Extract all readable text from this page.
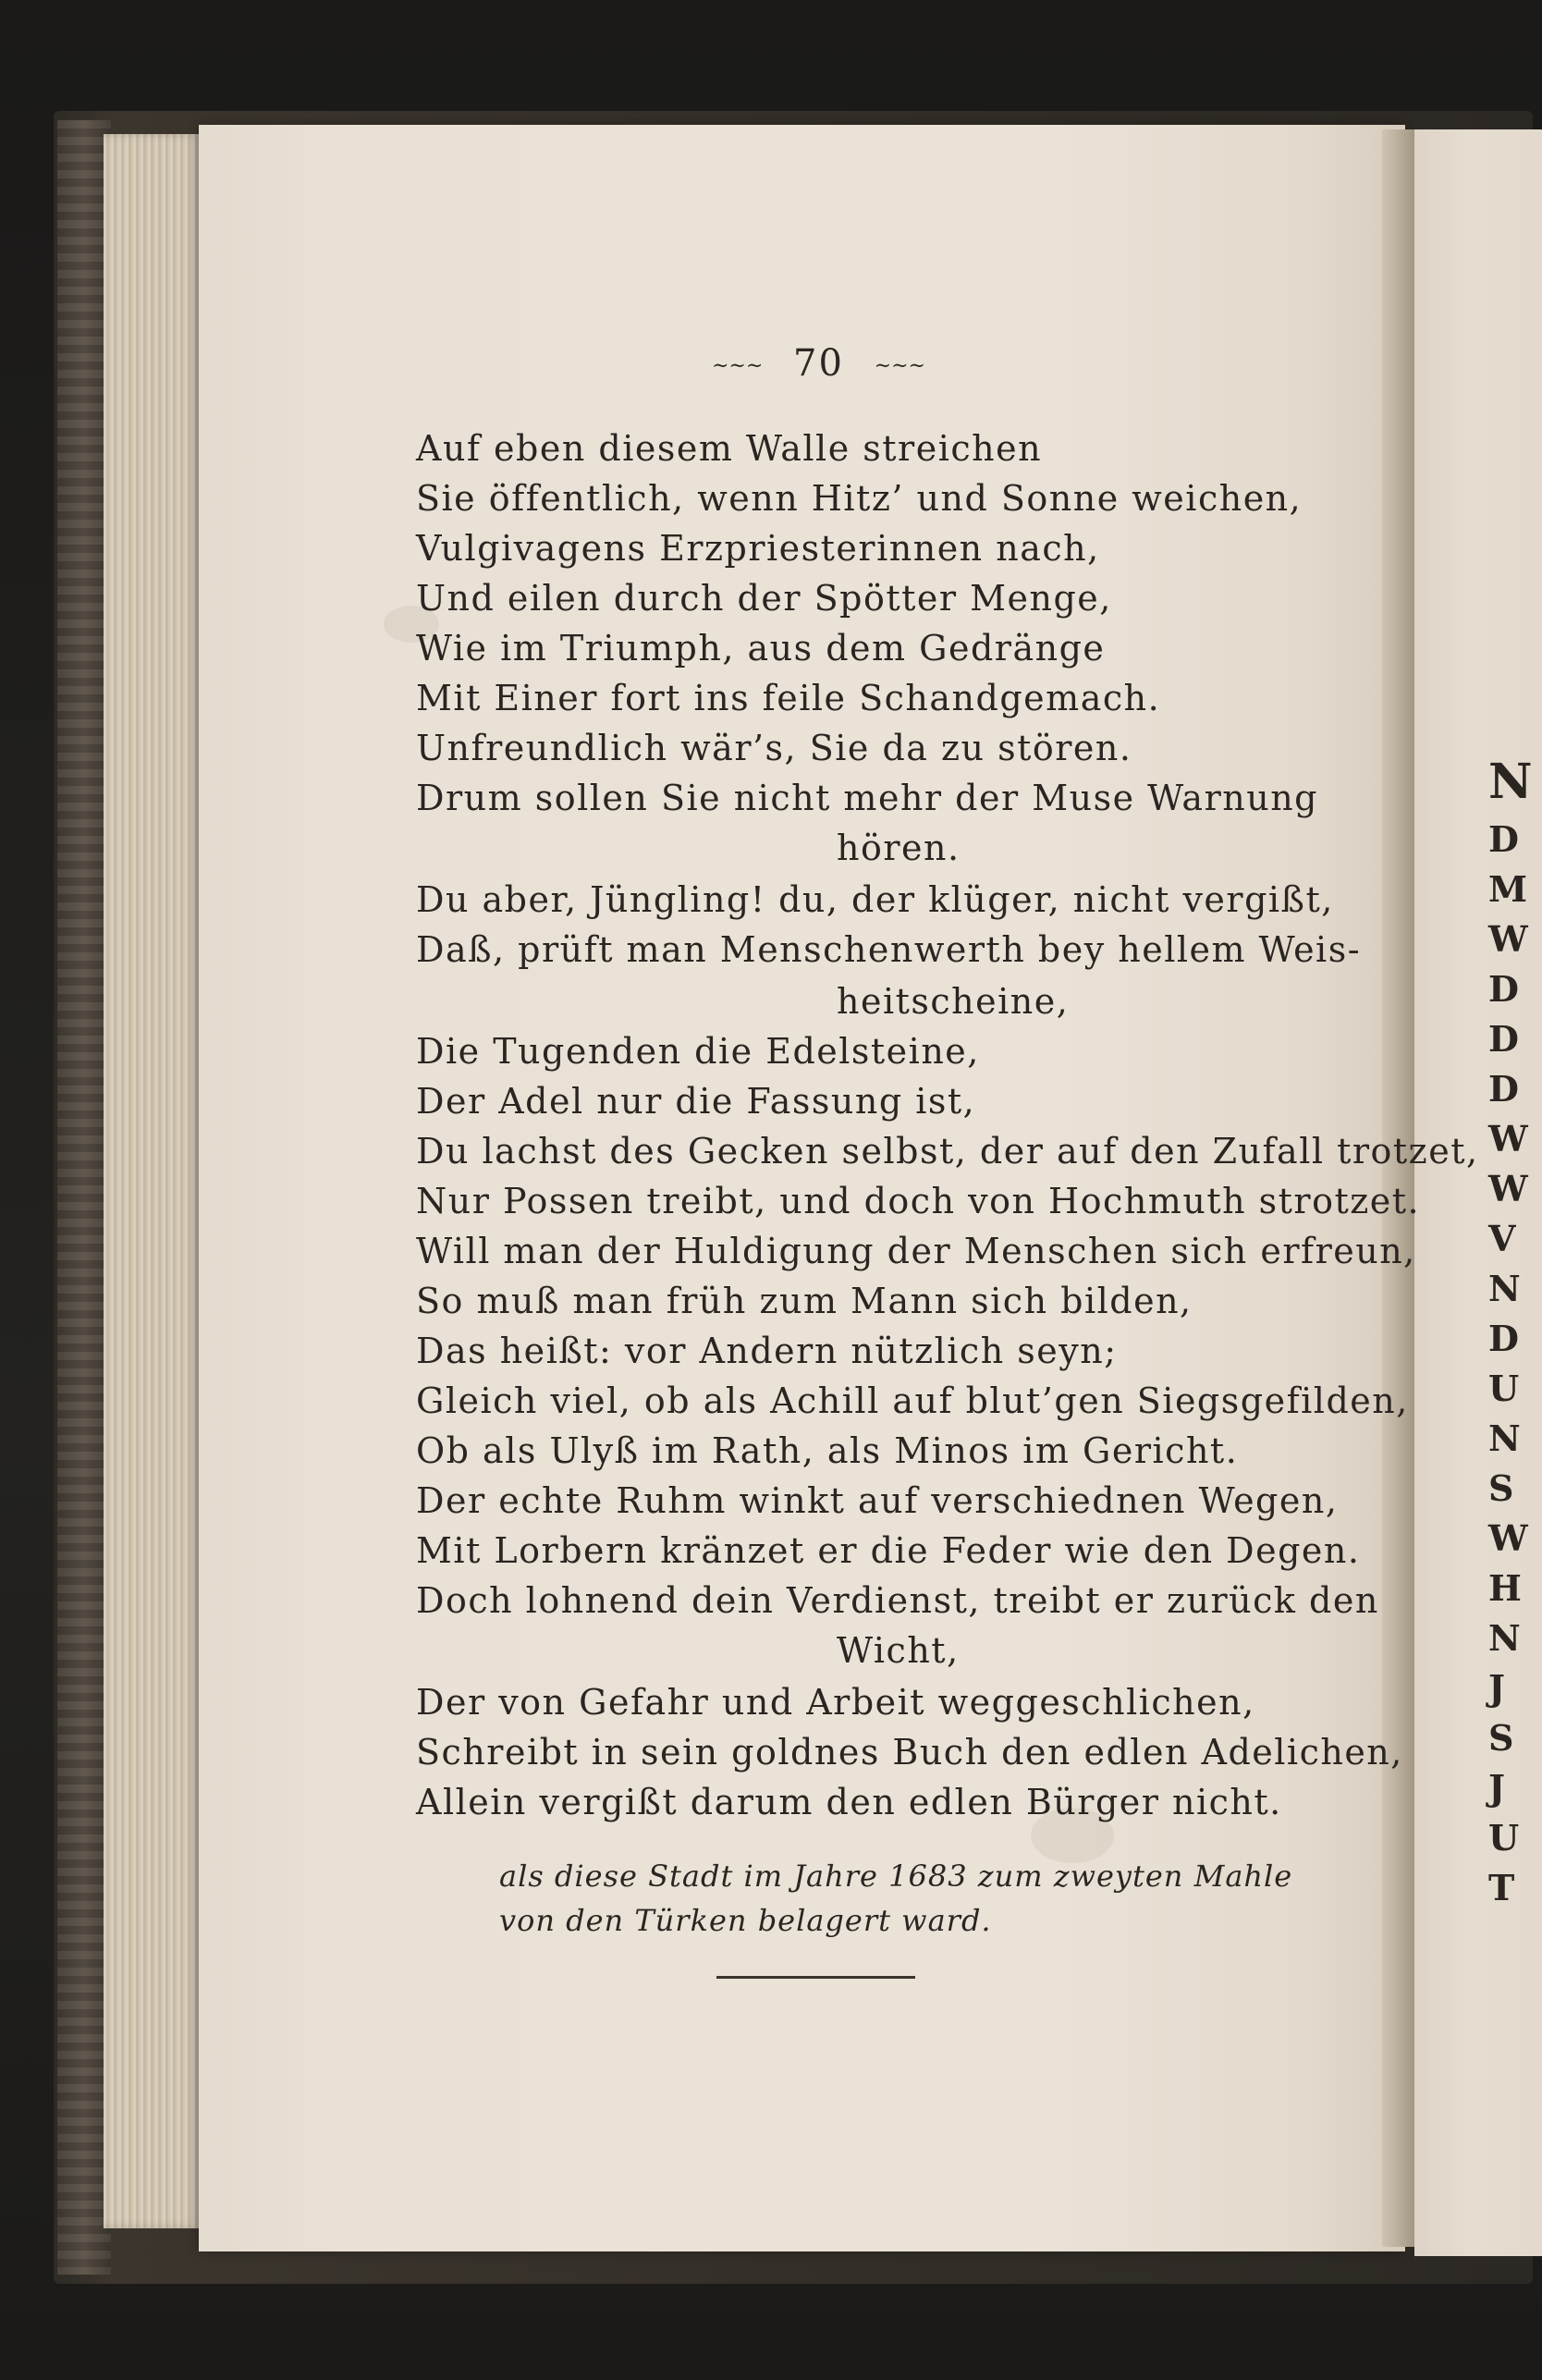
N
D
M
W
D
D
D
W
W
V
N
D
U
N
S
W
H
N
J
S
J
U
T
~~~ 70 ~~~
Auf eben diesem Walle streichen
Sie öffentlich, wenn Hitz’ und Sonne weichen,
Vulgivagens Erzpriesterinnen nach,
Und eilen durch der Spötter Menge,
Wie im Triumph, aus dem Gedränge
Mit Einer fort ins feile Schandgemach.
Unfreundlich wär’s, Sie da zu stören.
Drum sollen Sie nicht mehr der Muse Warnung
hören.
Du aber, Jüngling! du, der klüger, nicht vergißt,
Daß, prüft man Menschenwerth bey hellem Weis-
heitscheine,
Die Tugenden die Edelsteine,
Der Adel nur die Fassung ist,
Du lachst des Gecken selbst, der auf den Zufall trotzet,
Nur Possen treibt, und doch von Hochmuth strotzet.
Will man der Huldigung der Menschen sich erfreun,
So muß man früh zum Mann sich bilden,
Das heißt: vor Andern nützlich seyn;
Gleich viel, ob als Achill auf blut’gen Siegsgefilden,
Ob als Ulyß im Rath, als Minos im Gericht.
Der echte Ruhm winkt auf verschiednen Wegen,
Mit Lorbern kränzet er die Feder wie den Degen.
Doch lohnend dein Verdienst, treibt er zurück den
Wicht,
Der von Gefahr und Arbeit weggeschlichen,
Schreibt in sein goldnes Buch den edlen Adelichen,
Allein vergißt darum den edlen Bürger nicht.
als diese Stadt im Jahre 1683 zum zweyten Mahle
von den Türken belagert ward.
